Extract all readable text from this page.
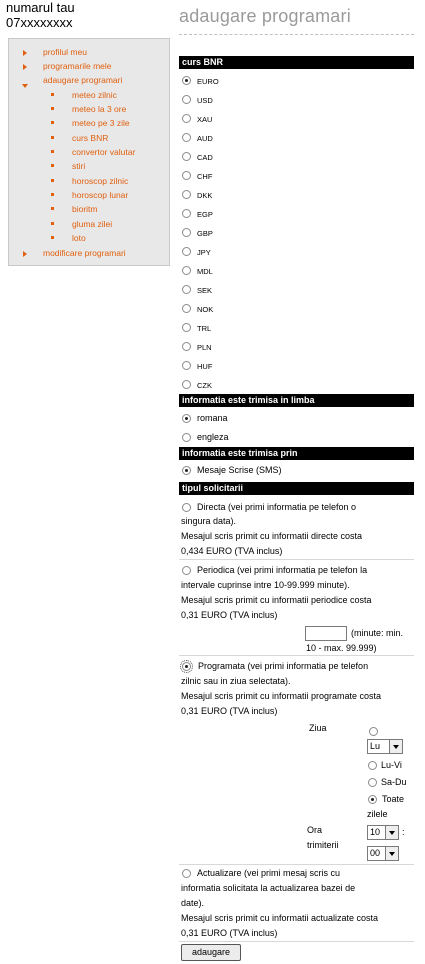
numarul tau
07xxxxxxxx
profilul meu
programarile mele
adaugare programari
meteo zilnic
meteo la 3 ore
meteo pe 3 zile
curs BNR
convertor valutar
stiri
horoscop zilnic
horoscop lunar
bioritm
gluma zilei
loto
modificare programari
adaugare programari
curs BNR
EURO
USD
XAU
AUD
CAD
CHF
DKK
EGP
GBP
JPY
MDL
SEK
NOK
TRL
PLN
HUF
CZK
informatia este trimisa in limba
romana
engleza
informatia este trimisa prin
Mesaje Scrise (SMS)
tipul solicitarii
Directa (vei primi informatia pe telefon o
singura data).
Mesajul scris primit cu informatii directe costa
0,434 EURO (TVA inclus)
Periodica (vei primi informatia pe telefon la
intervale cuprinse intre 10-99.999 minute).
Mesajul scris primit cu informatii periodice costa
0,31 EURO (TVA inclus)
(minute: min.
10 - max. 99.999)
Programata (vei primi informatia pe telefon
zilnic sau in ziua selectata).
Mesajul scris primit cu informatii programate costa
0,31 EURO (TVA inclus)
Ziua
Lu
Lu-Vi
Sa-Du
Toate
zilele
Ora
trimiterii
10	:
00
Actualizare (vei primi mesaj scris cu
informatia solicitata la actualizarea bazei de
date).
Mesajul scris primit cu informatii actualizate costa
0,31 EURO (TVA inclus)
adaugare
